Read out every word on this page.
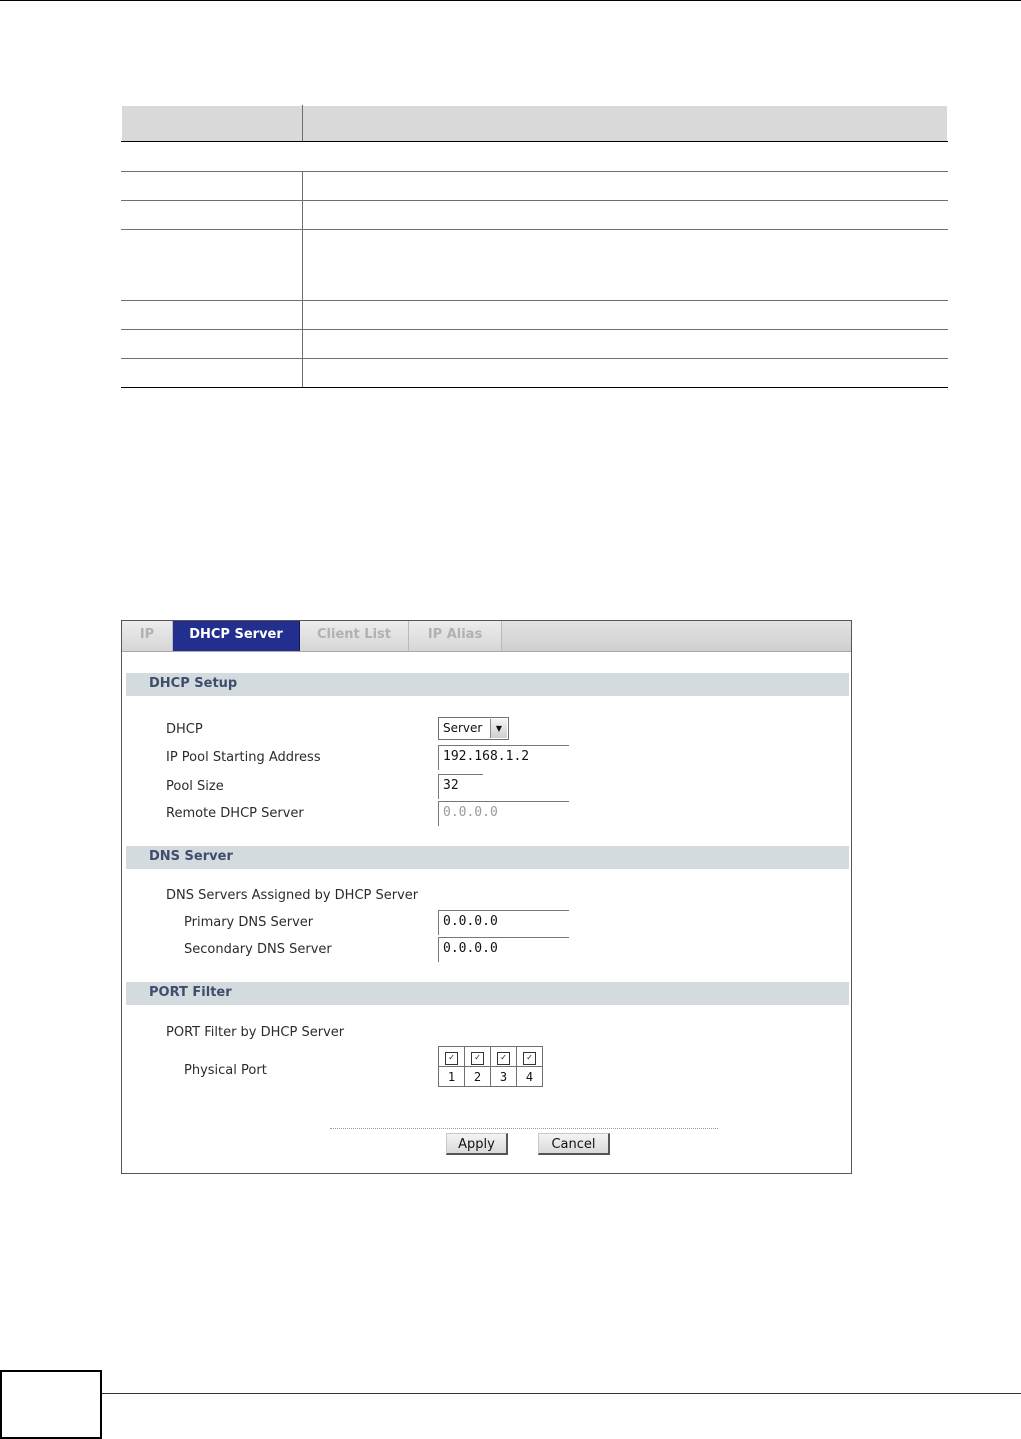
IP	DHCP Server	Client List	IP Alias
DHCP Setup
DHCP	Server	▼
IP Pool Starting Address	192.168.1.2
Pool Size	32
Remote DHCP Server	0.0.0.0
DNS Server
DNS Servers Assigned by DHCP Server
Primary DNS Server	0.0.0.0
Secondary DNS Server	0.0.0.0
PORT Filter
PORT Filter by DHCP Server
Physical Port
✓	✓	✓	✓
1	2	3	4
Apply	Cancel
